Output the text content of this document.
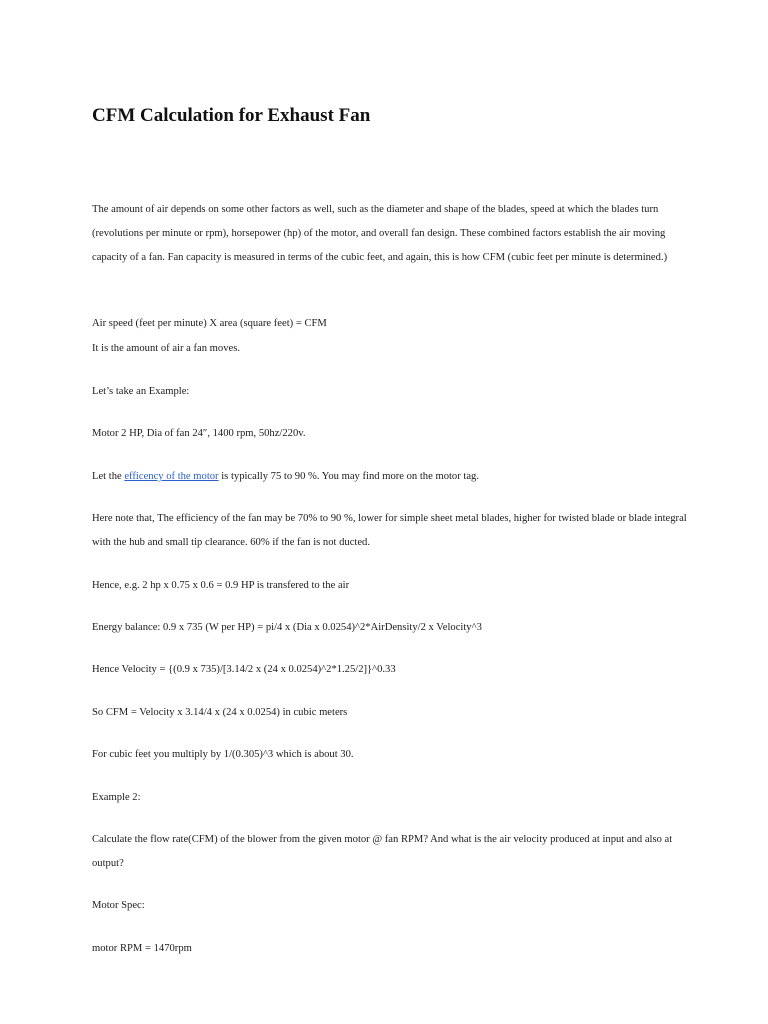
CFM Calculation for Exhaust Fan

The amount of air depends on some other factors as well, such as the diameter and shape of the blades, speed at which the blades turn (revolutions per minute or rpm), horsepower (hp) of the motor, and overall fan design. These combined factors establish the air moving capacity of a fan. Fan capacity is measured in terms of the cubic feet, and again, this is how CFM (cubic feet per minute is determined.)

Air speed (feet per minute) X area (square feet) = CFM

It is the amount of air a fan moves.

Let’s take an Example:

Motor 2 HP, Dia of fan 24″, 1400 rpm, 50hz/220v.

Let the efficency of the motor is typically 75 to 90 %. You may find more on the motor tag.

Here note that, The efficiency of the fan may be 70% to 90 %, lower for simple sheet metal blades, higher for twisted blade or blade integral with the hub and small tip clearance. 60% if the fan is not ducted.

Hence, e.g. 2 hp x 0.75 x 0.6 = 0.9 HP is transfered to the air

Energy balance: 0.9 x 735 (W per HP) = pi/4 x (Dia x 0.0254)^2*AirDensity/2 x Velocity^3

Hence Velocity = {(0.9 x 735)/[3.14/2 x (24 x 0.0254)^2*1.25/2]}^0.33

So CFM = Velocity x 3.14/4 x (24 x 0.0254) in cubic meters

For cubic feet you multiply by 1/(0.305)^3 which is about 30.

Example 2:

Calculate the flow rate(CFM) of the blower from the given motor @ fan RPM? And what is the air velocity produced at input and also at output?

Motor Spec:

motor RPM = 1470rpm
